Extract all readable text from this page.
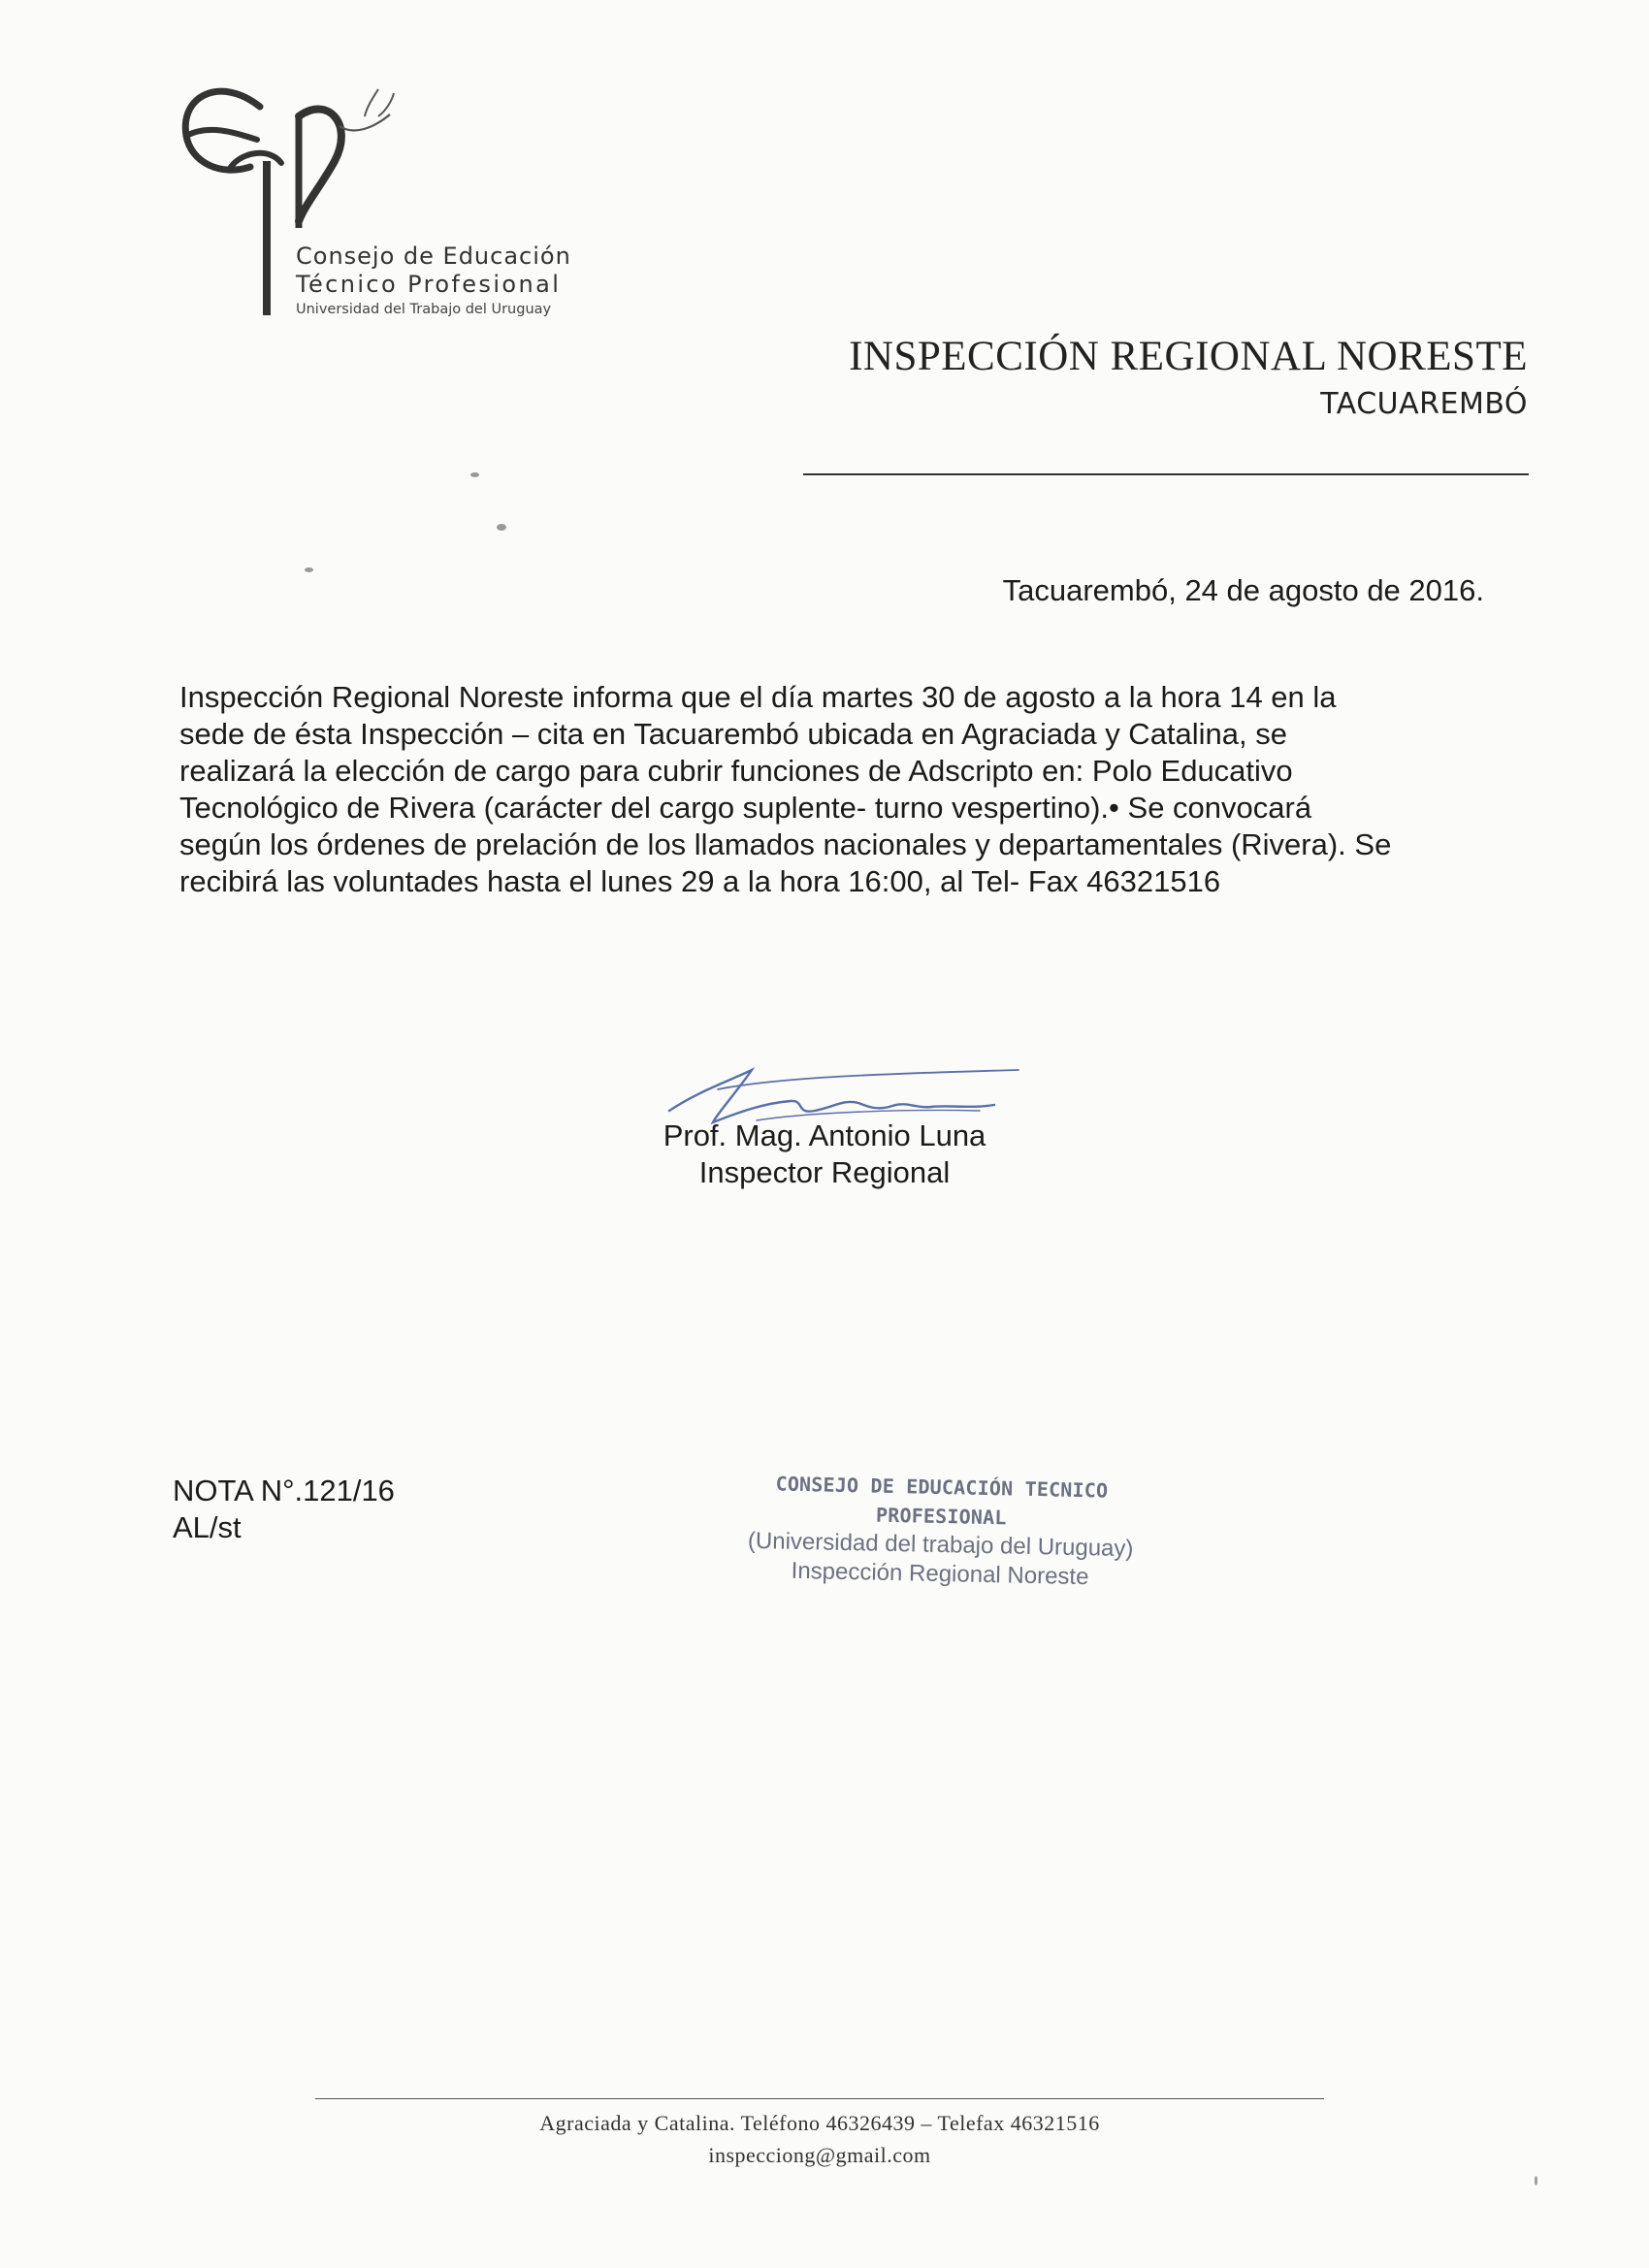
Consejo de Educación
Técnico Profesional
Universidad del Trabajo del Uruguay
INSPECCIÓN REGIONAL NORESTE
TACUAREMBÓ
Tacuarembó, 24 de agosto de 2016.
Inspección Regional Noreste informa que el día martes 30 de agosto a la hora 14 en la
sede de ésta Inspección – cita en Tacuarembó ubicada en Agraciada y Catalina, se
realizará la elección de cargo para cubrir funciones de Adscripto en: Polo Educativo
Tecnológico de Rivera (carácter del cargo suplente- turno vespertino).• Se convocará
según los órdenes de prelación de los llamados nacionales y departamentales (Rivera). Se
recibirá las voluntades hasta el lunes 29 a la hora 16:00, al Tel- Fax 46321516
Prof. Mag. Antonio Luna
Inspector Regional
NOTA N°.121/16
AL/st
CONSEJO DE EDUCACIÓN TECNICO PROFESIONAL
(Universidad del trabajo del Uruguay)
Inspección Regional Noreste
Agraciada y Catalina. Teléfono 46326439 – Telefax 46321516
inspecciong@gmail.com
